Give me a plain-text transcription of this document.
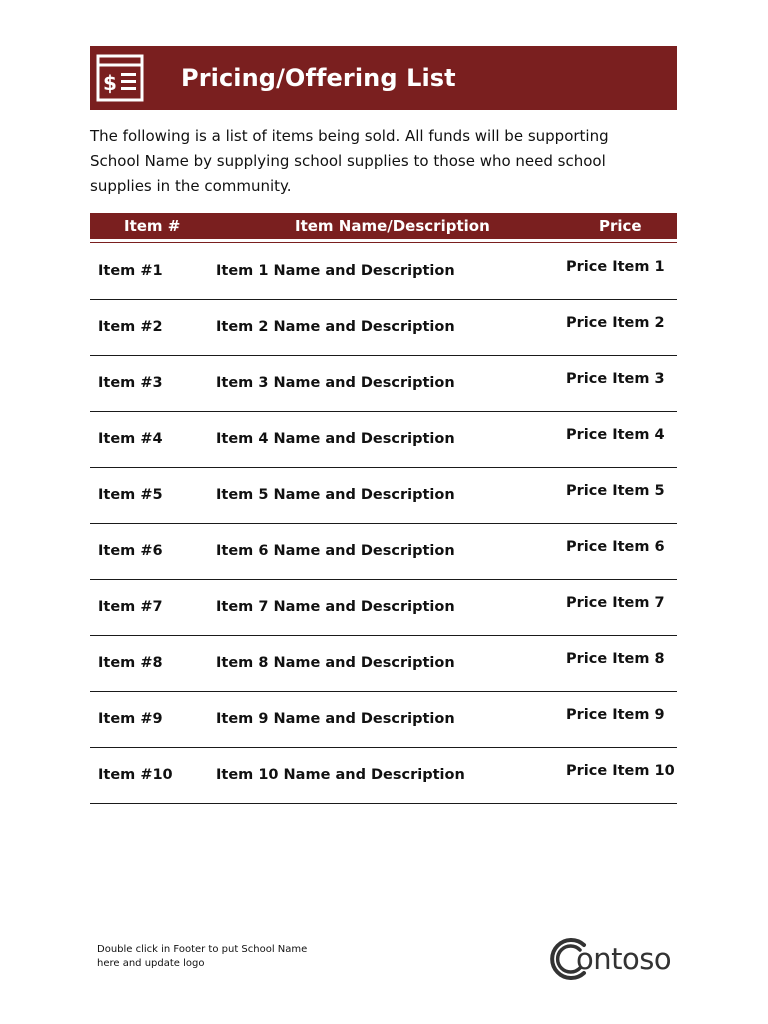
$	Pricing/Offering List
The following is a list of items being sold. All funds will be supporting School Name by supplying school supplies to those who need school supplies in the community.
Item #	Item Name/Description	Price
Item #1	Item 1 Name and Description	Price Item 1
Item #2	Item 2 Name and Description	Price Item 2
Item #3	Item 3 Name and Description	Price Item 3
Item #4	Item 4 Name and Description	Price Item 4
Item #5	Item 5 Name and Description	Price Item 5
Item #6	Item 6 Name and Description	Price Item 6
Item #7	Item 7 Name and Description	Price Item 7
Item #8	Item 8 Name and Description	Price Item 8
Item #9	Item 9 Name and Description	Price Item 9
Item #10	Item 10 Name and Description	Price Item 10
Double click in Footer to put School Name
here and update logo	ontoso
